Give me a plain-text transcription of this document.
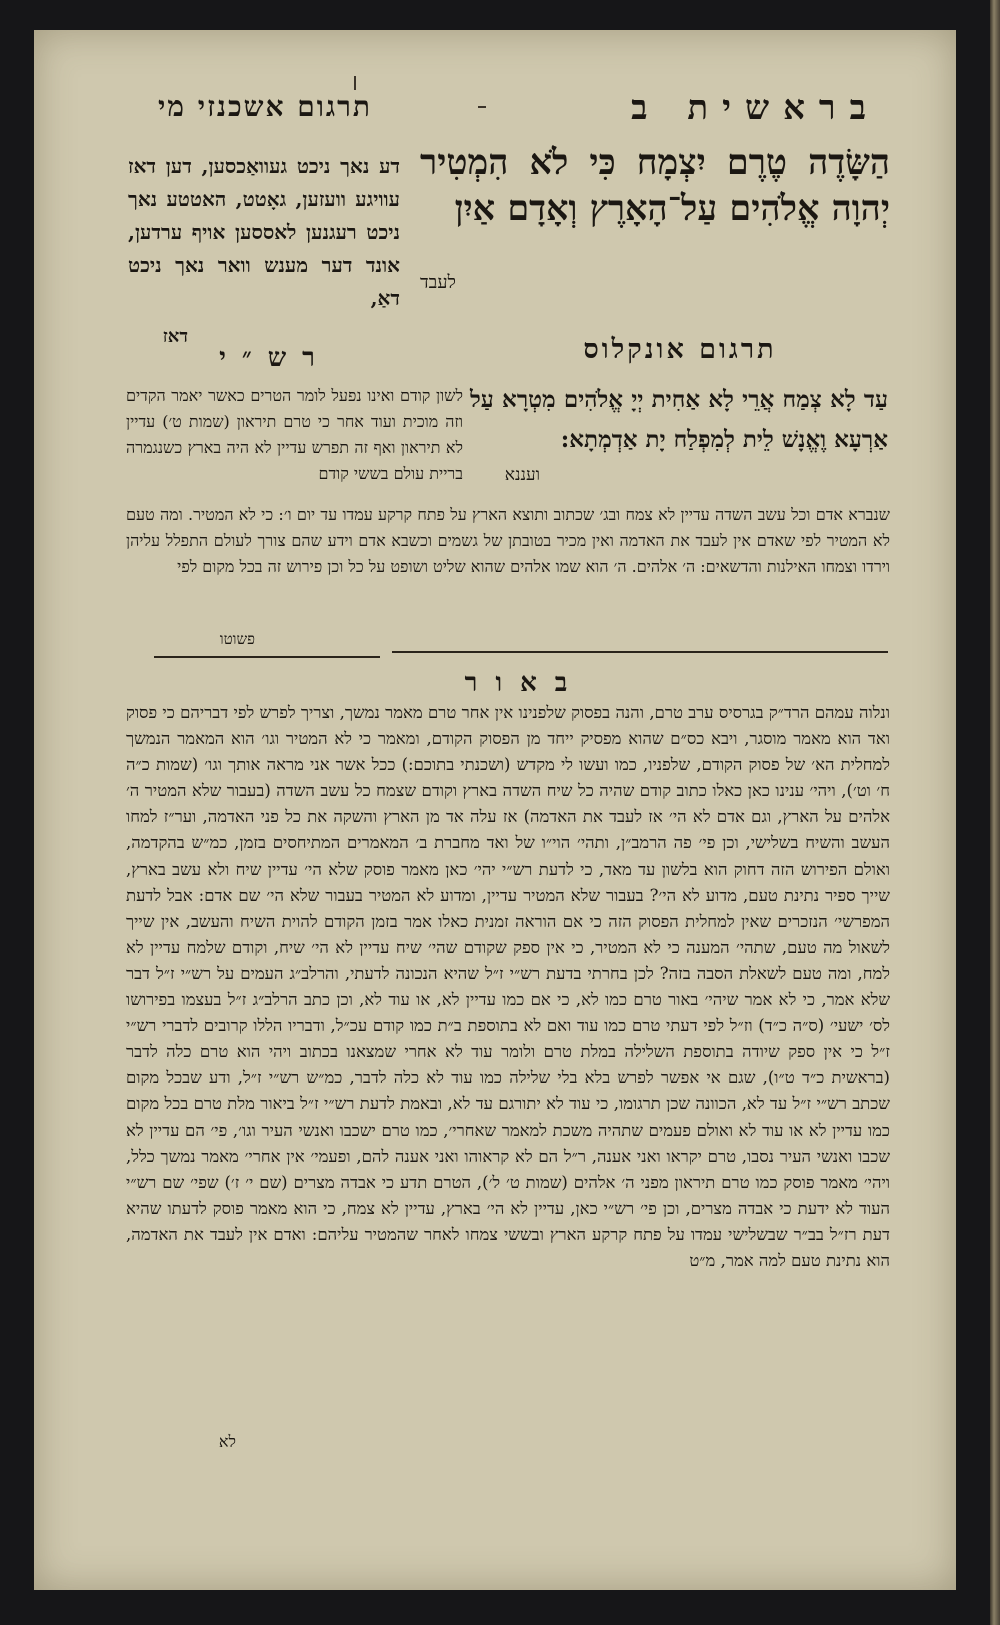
בראשית ב
תרגום אשכנזי מי
דע נאך ניכט געוואַכסען, דען דאז עוויגע וועזען, גאָטט, האטטע נאך ניכט רעגנען לאססען אויף ערדען, אונד דער מענש וואר נאך ניכט דאַ,
דאז
הַשָּׂדֶה טֶרֶם יִצְמָח כִּי לֹא הִמְטִיר יְהוָה אֱלֹהִים עַל־הָאָרֶץ וְאָדָם אַיִן
לעבד
תרגום אונקלוס
עַד לָא צְמַח אֲרֵי לָא אַחִית יְיָ אֱלֹהִים מִטְרָא עַל אַרְעָא וֶאֱנָשׁ לֵית לְמִפְלַח יָת אַדְמְתָא:
ועננא
רש״י
לשון קודם ואינו נפעל לומר הטרים כאשר יאמר הקדים וזה מוכית ועוד אחר כי טרם תיראון (שמות ט׳) עדיין לא תיראון ואף זה תפרש עדיין לא היה בארץ כשנגמרה בריית עולם בששי קודם
שנברא אדם וכל עשב השדה עדיין לא צמח ובג׳ שכתוב ותוצא הארץ על פתח קרקע עמדו עד יום ו׳: כי לא המטיר. ומה טעם לא המטיר לפי שאדם אין לעבד את האדמה ואין מכיר בטובתן של גשמים וכשבא אדם וידע שהם צורך לעולם התפלל עליהן וירדו וצמחו האילנות והדשאים: ה׳ אלהים. ה׳ הוא שמו אלהים שהוא שליט ושופט על כל וכן פירוש זה בכל מקום לפי
פשוטו
באור
ונלוה עמהם הרד״ק בגרסיס ערב טרם, והנה בפסוק שלפנינו אין אחר טרם מאמר נמשך, וצריך לפרש לפי דבריהם כי פסוק ואד הוא מאמר מוסגר, ויבא כס״ם שהוא מפסיק ייחד מן הפסוק הקודם, ומאמר כי לא המטיר וגו׳ הוא המאמר הנמשך למחלית הא׳ של פסוק הקודם, שלפניו, כמו ועשו לי מקדש (ושכנתי בתוכם:) ככל אשר אני מראה אותך וגו׳ (שמות כ״ה ח׳ וט׳), ויהי׳ ענינו כאן כאלו כתוב קודם שהיה כל שיח השדה בארץ וקודם שצמח כל עשב השדה (בעבור שלא המטיר ה׳ אלהים על הארץ, וגם אדם לא הי׳ אז לעבד את האדמה) אז עלה אד מן הארץ והשקה את כל פני האדמה, וער״ז למחו העשב והשיח בשלישי, וכן פי׳ פה הרמב״ן, ותהי׳ הוי״ו של ואד מחברת ב׳ המאמרים המתיחסים בזמן, כמ״ש בהקדמה, ואולם הפירוש הזה דחוק הוא בלשון עד מאד, כי לדעת רש״י יהי׳ כאן מאמר פוסק שלא הי׳ עדיין שיח ולא עשב בארץ, שייך ספיר נתינת טעם, מדוע לא הי׳? בעבור שלא המטיר עדיין, ומדוע לא המטיר בעבור שלא הי׳ שם אדם: אבל לדעת המפרשי׳ הנזכרים שאין למחלית הפסוק הזה כי אם הוראה זמנית כאלו אמר בזמן הקודם להוית השיח והעשב, אין שייך לשאול מה טעם, שתהי׳ המענה כי לא המטיר, כי אין ספק שקודם שהי׳ שיח עדיין לא הי׳ שיח, וקודם שלמח עדיין לא למח, ומה טעם לשאלת הסבה בזה? לכן בחרתי בדעת רש״י ז״ל שהיא הנכונה לדעתי, והרלב״ג העמים על רש״י ז״ל דבר שלא אמר, כי לא אמר שיהי׳ באור טרם כמו לא, כי אם כמו עדיין לא, או עוד לא, וכן כתב הרלב״ג ז״ל בעצמו בפירושו לס׳ ישעי׳ (ס״ה כ״ד) וז״ל לפי דעתי טרם כמו עוד ואם לא בתוספת ב״ת כמו קודם עכ״ל, ודבריו הללו קרובים לדברי רש״י ז״ל כי אין ספק שיודה בתוספת השלילה במלת טרם ולומר עוד לא אחרי שמצאנו בכתוב ויהי הוא טרם כלה לדבר (בראשית כ״ד ט״ו), שגם אי אפשר לפרש בלא בלי שלילה כמו עוד לא כלה לדבר, כמ״ש רש״י ז״ל, ודע שבכל מקום שכתב רש״י ז״ל עד לא, הכוונה שכן תרגומו, כי עוד לא יתורגם עד לא, ובאמת לדעת רש״י ז״ל ביאור מלת טרם בכל מקום כמו עדיין לא או עוד לא ואולם פעמים שתהיה משכת למאמר שאחרי׳, כמו טרם ישכבו ואנשי העיר וגו׳, פי׳ הם עדיין לא שכבו ואנשי העיר נסבו, טרם יקראו ואני אענה, ר״ל הם לא קראוהו ואני אענה להם, ופעמי׳ אין אחרי׳ מאמר נמשך כלל, ויהי׳ מאמר פוסק כמו טרם תיראון מפני ה׳ אלהים (שמות ט׳ ל׳), הטרם תדע כי אבדה מצרים (שם י׳ ז׳) שפי׳ שם רש״י העוד לא ידעת כי אבדה מצרים, וכן פי׳ רש״י כאן, עדיין לא הי׳ בארץ, עדיין לא צמח, כי הוא מאמר פוסק לדעתו שהיא דעת רז״ל בב״ר שבשלישי עמדו על פתח קרקע הארץ ובששי צמחו לאחר שהמטיר עליהם: ואדם אין לעבד את האדמה, הוא נתינת טעם למה אמר, מ״ט
לא
